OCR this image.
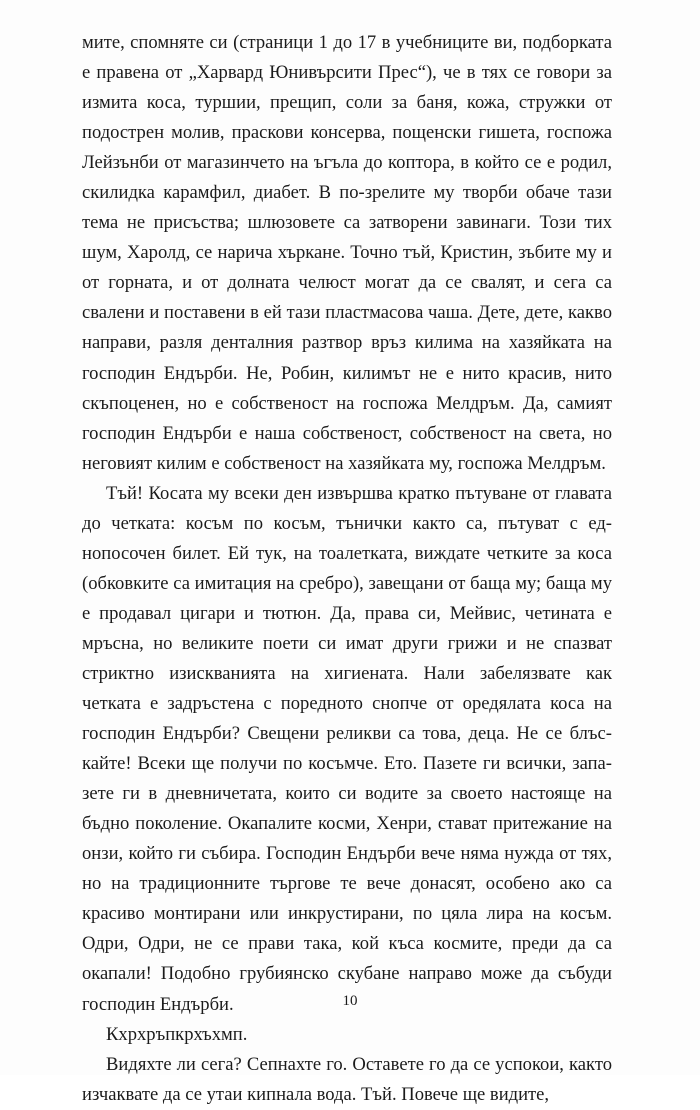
мите, спомняте си (страници 1 до 17 в учебниците ви, подборката е правена от „Харвард Юнивърсити Прес“), че в тях се говори за измита коса, туршии, прещип, соли за баня, кожа, стружки от подострен молив, праскови консерва, пощенски гишета, госпожа Лейзънби от магазинчето на ъгъла до коптора, в който се е родил, скилидка карамфил, диабет. В по-зрелите му творби обаче тази тема не присъства; шлюзовете са затворени завинаги. Този тих шум, Харолд, се нарича хъркане. Точно тъй, Кристин, зъбите му и от горната, и от долната челюст могат да се свалят, и сега са свалени и поставени в ей тази пластмасова чаша. Дете, дете, какво направи, разля денталния разтвор връз килима на хазяйката на господин Ендърби. Не, Робин, килимът не е нито красив, нито скъпоценен, но е собственост на госпожа Мелдръм. Да, самият господин Ендърби е наша собственост, собственост на света, но неговият килим е собственост на хазяйката му, госпожа Мелдръм.

Тъй! Косата му всеки ден извършва кратко пътуване от главата до четката: косъм по косъм, тънички както са, пътуват с еднопосочен билет. Ей тук, на тоалетката, виждате четките за коса (обковките са имитация на сребро), завещани от баща му; баща му е продавал цигари и тютюн. Да, права си, Мейвис, четината е мръсна, но великите поети си имат други грижи и не спазват стриктно изискванията на хигиената. Нали забелязвате как четката е задръстена с поредното снопче от оредялата коса на господин Ендърби? Свещени реликви са това, деца. Не се блъскайте! Всеки ще получи по косъмче. Ето. Пазете ги всички, запазете ги в дневничетата, които си водите за своето настояще на бъдно поколение. Окапалите косми, Хенри, стават притежание на онзи, който ги събира. Господин Ендърби вече няма нужда от тях, но на традиционните търгове те вече донасят, особено ако са красиво монтирани или инкрустирани, по цяла лира на косъм. Одри, Одри, не се прави така, кой къса космите, преди да са окапали! Подобно грубиянско скубане направо може да събуди господин Ендърби.

Кхрхръпкрхъхмп.

Видяхте ли сега? Сепнахте го. Оставете го да се успокои, както изчаквате да се утаи кипнала вода. Тъй. Повече ще видите,

10
